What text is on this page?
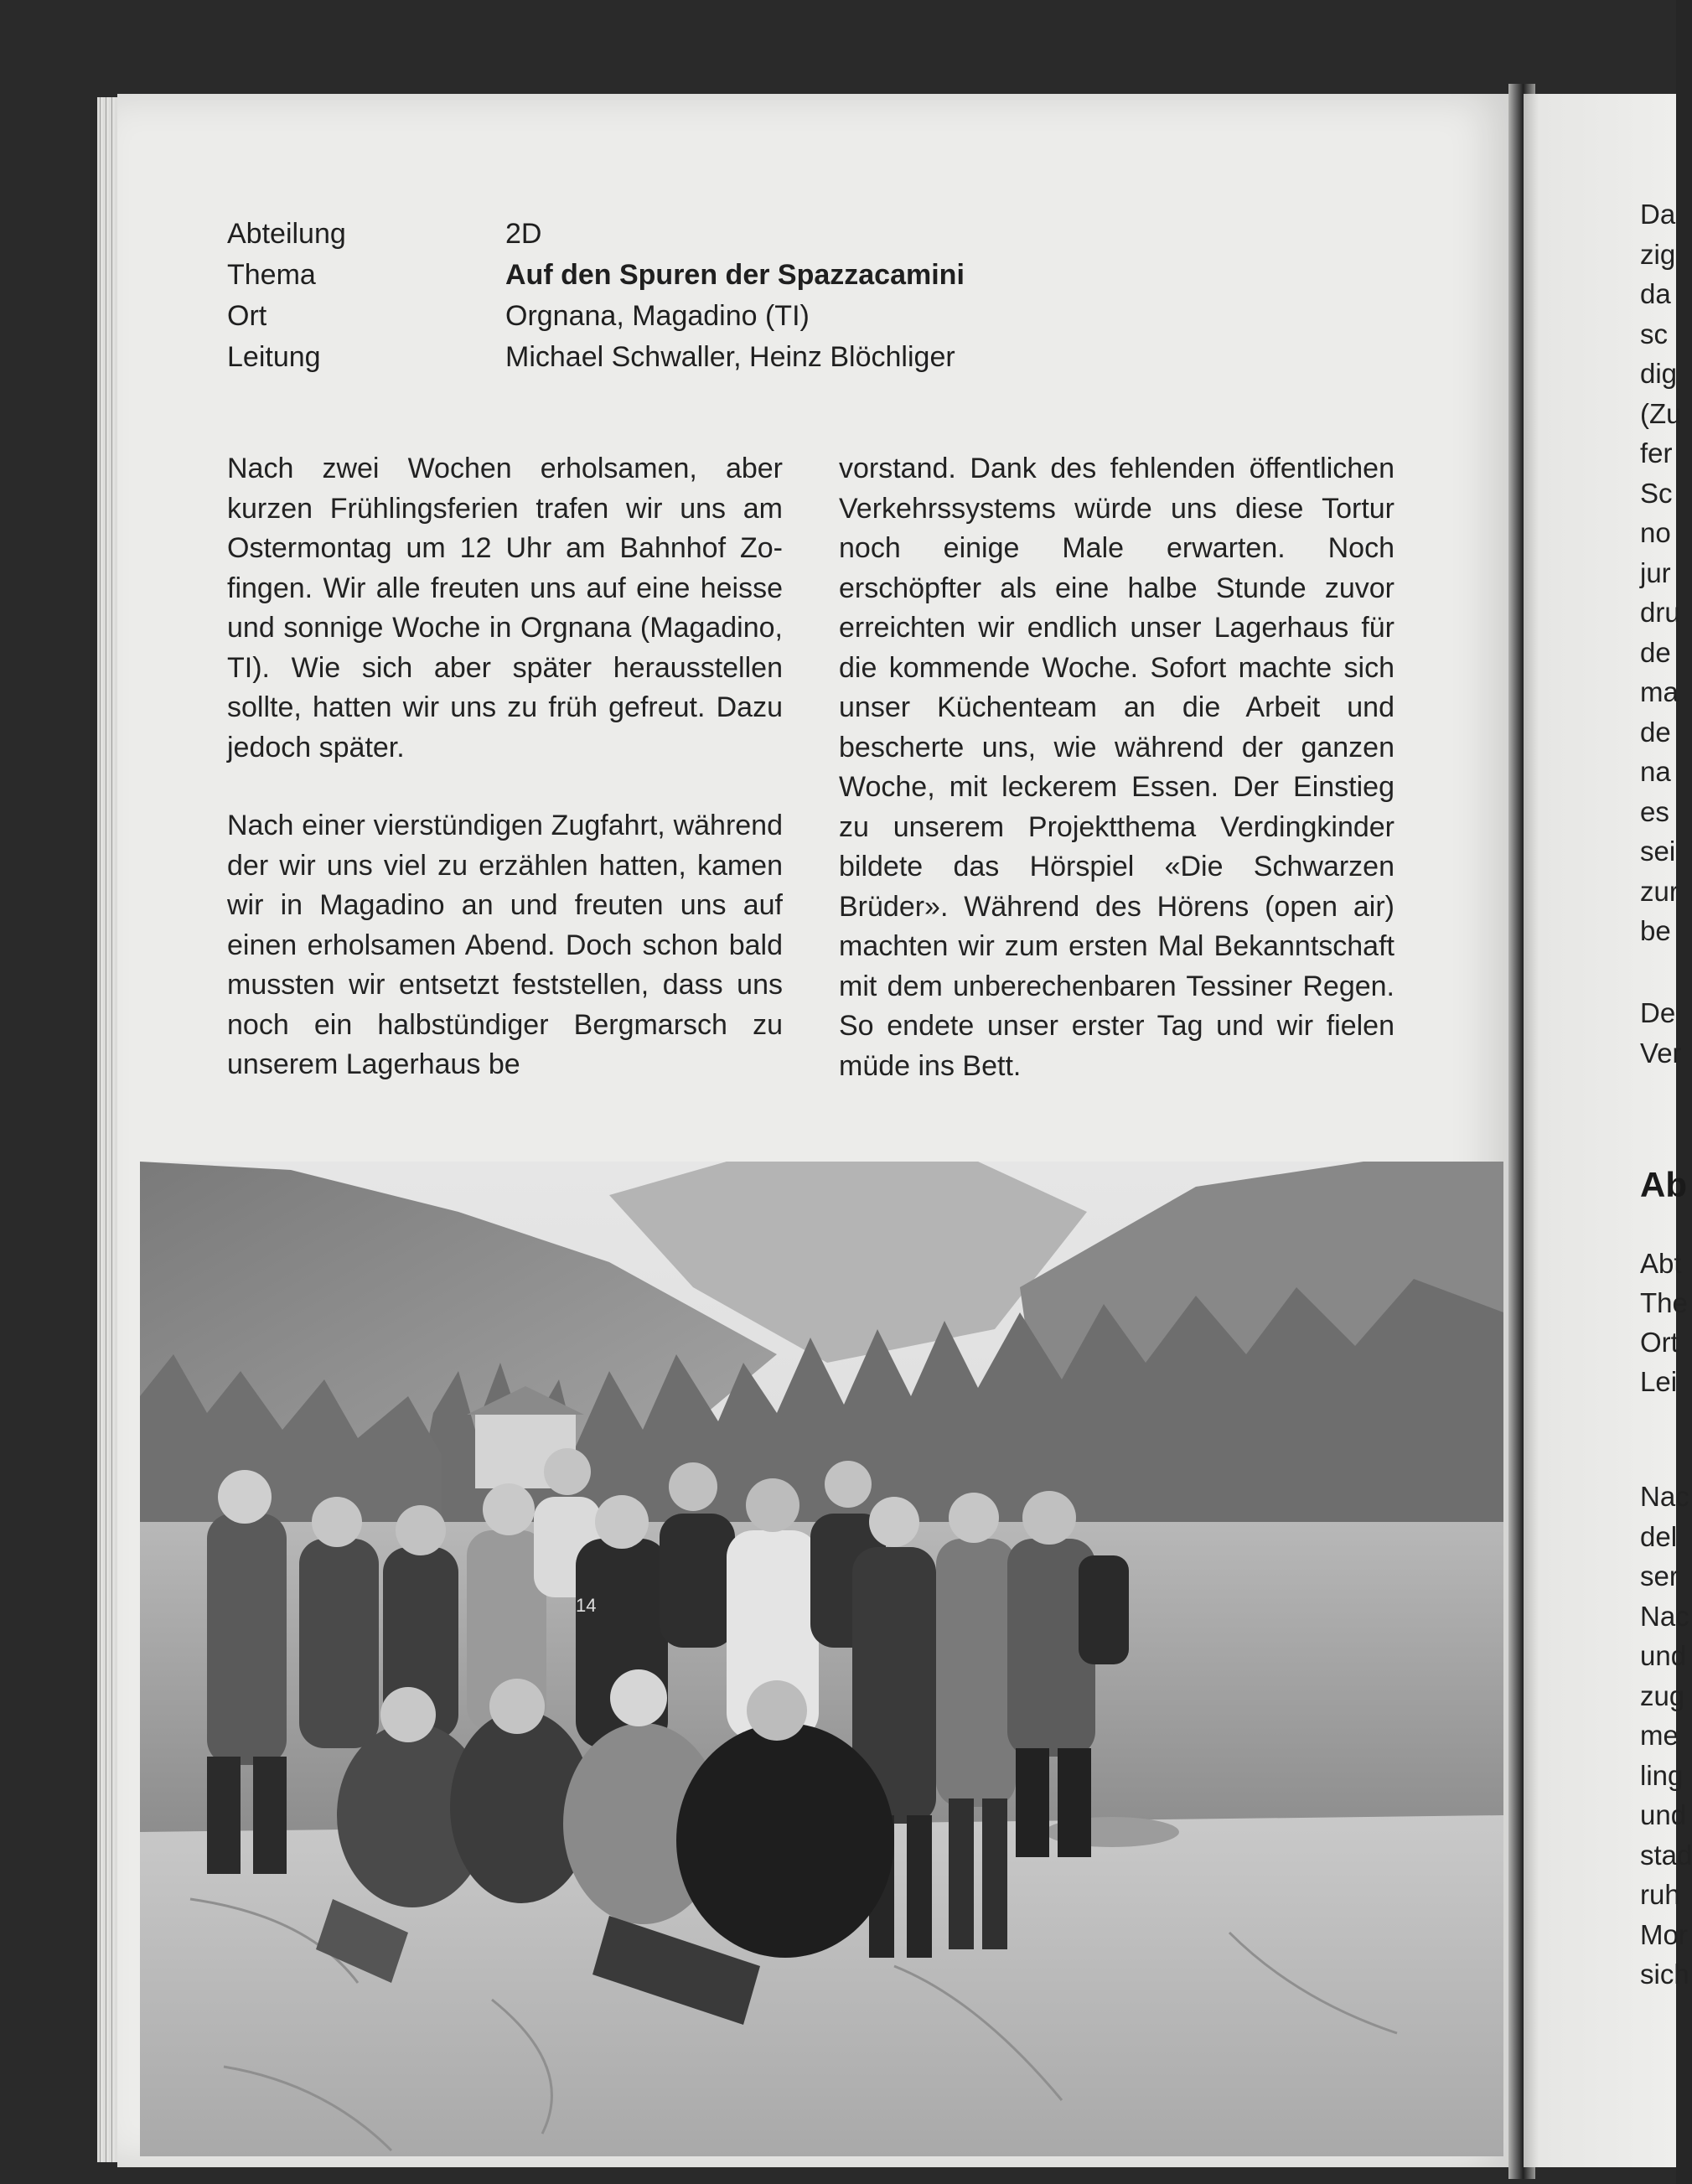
Abteilung	2D
Thema	Auf den Spuren der Spazzacamini
Ort	Orgnana, Magadino (TI)
Leitung	Michael Schwaller, Heinz Blöchliger

Nach zwei Wochen erholsamen, aber kurzen Frühlingsferien trafen wir uns am Ostermontag um 12 Uhr am Bahnhof Zofingen. Wir alle freuten uns auf eine heisse und sonnige Woche in Orgnana (Magadino, TI). Wie sich aber später herausstellen sollte, hatten wir uns zu früh gefreut. Dazu jedoch später.

Nach einer vierstündigen Zugfahrt, während der wir uns viel zu erzählen hatten, kamen wir in Magadino an und freuten uns auf einen erholsamen Abend. Doch schon bald mussten wir entsetzt feststellen, dass uns noch ein halbstündiger Bergmarsch zu unserem Lagerhaus be

vorstand. Dank des fehlenden öffentlichen Verkehrssystems würde uns diese Tortur noch einige Male erwarten. Noch erschöpfter als eine halbe Stunde zuvor erreichten wir endlich unser Lagerhaus für die kommende Woche. Sofort machte sich unser Küchenteam an die Arbeit und bescherte uns, wie während der ganzen Woche, mit leckerem Essen. Der Einstieg zu unserem Projektthema Verdingkinder bildete das Hörspiel «Die Schwarzen Brüder». Während des Hörens (open air) machten wir zum ersten Mal Bekanntschaft mit dem unberechenbaren Tessiner Regen. So endete unser erster Tag und wir fielen müde ins Bett.

14
Da
zig
da
sc
dig
(Zu
fer
Sc
no
jur
dru
de
ma
de
na
es
sei
zur
be
De
Ver
Ab
Abt
The
Ort
Lei
Nac
del
ser
Nac
und
zug
me
ling
und
stad
ruh
Mor
sich
